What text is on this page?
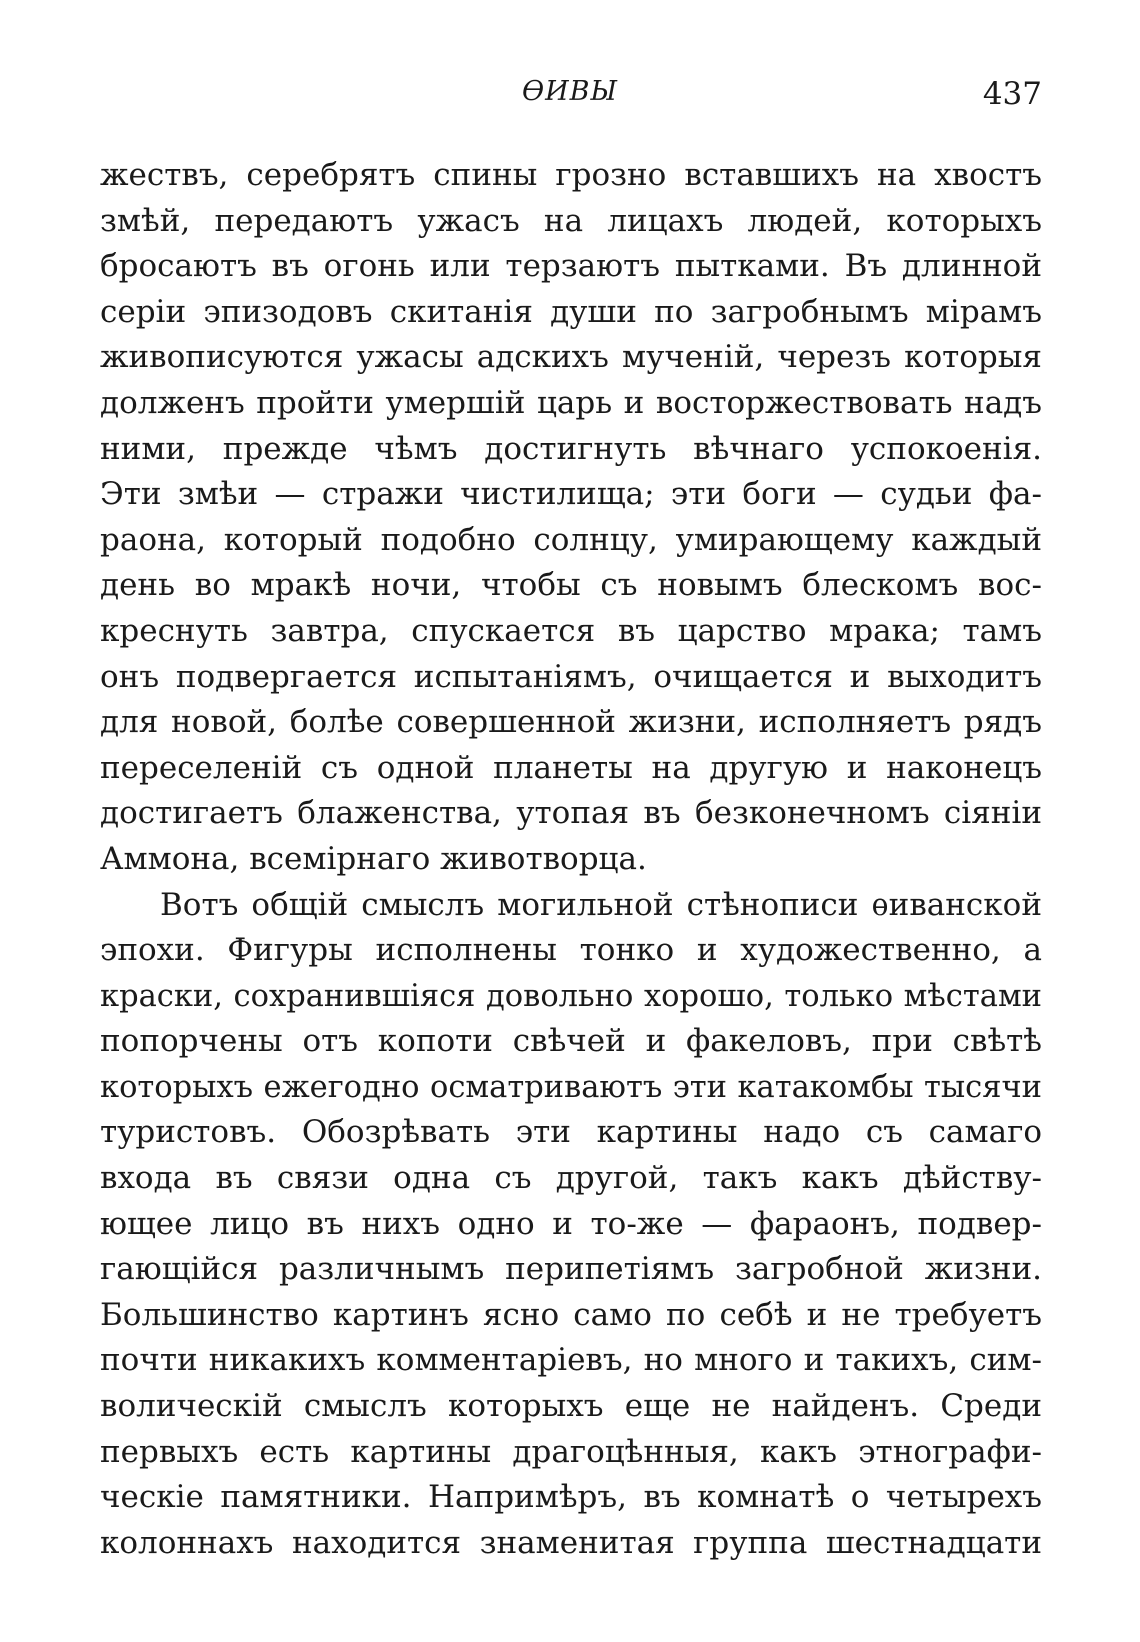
ѲИВЫ	437
жествъ, серебрятъ спины грозно вставшихъ на хвостъ
змѣй, передаютъ ужасъ на лицахъ людей, которыхъ
бросаютъ въ огонь или терзаютъ пытками. Въ длинной
серіи эпизодовъ скитанія души по загробнымъ мірамъ
живописуются ужасы адскихъ мученій, черезъ которыя
долженъ пройти умершій царь и восторжествовать надъ
ними, прежде чѣмъ достигнуть вѣчнаго успокоенія.
Эти змѣи — стражи чистилища; эти боги — судьи фа-
раона, который подобно солнцу, умирающему каждый
день во мракѣ ночи, чтобы съ новымъ блескомъ вос-
креснуть завтра, спускается въ царство мрака; тамъ
онъ подвергается испытаніямъ, очищается и выходитъ
для новой, болѣе совершенной жизни, исполняетъ рядъ
переселеній съ одной планеты на другую и наконецъ
достигаетъ блаженства, утопая въ безконечномъ сіяніи
Аммона, всемірнаго животворца.
Вотъ общій смыслъ могильной стѣнописи ѳиванской
эпохи. Фигуры исполнены тонко и художественно, а
краски, сохранившіяся довольно хорошо, только мѣстами
попорчены отъ копоти свѣчей и факеловъ, при свѣтѣ
которыхъ ежегодно осматриваютъ эти катакомбы тысячи
туристовъ. Обозрѣвать эти картины надо съ самаго
входа въ связи одна съ другой, такъ какъ дѣйству-
ющее лицо въ нихъ одно и то-же — фараонъ, подвер-
гающійся различнымъ перипетіямъ загробной жизни.
Большинство картинъ ясно само по себѣ и не требуетъ
почти никакихъ комментаріевъ, но много и такихъ, сим-
волическій смыслъ которыхъ еще не найденъ. Среди
первыхъ есть картины драгоцѣнныя, какъ этнографи-
ческіе памятники. Напримѣръ, въ комнатѣ о четырехъ
колоннахъ находится знаменитая группа шестнадцати
